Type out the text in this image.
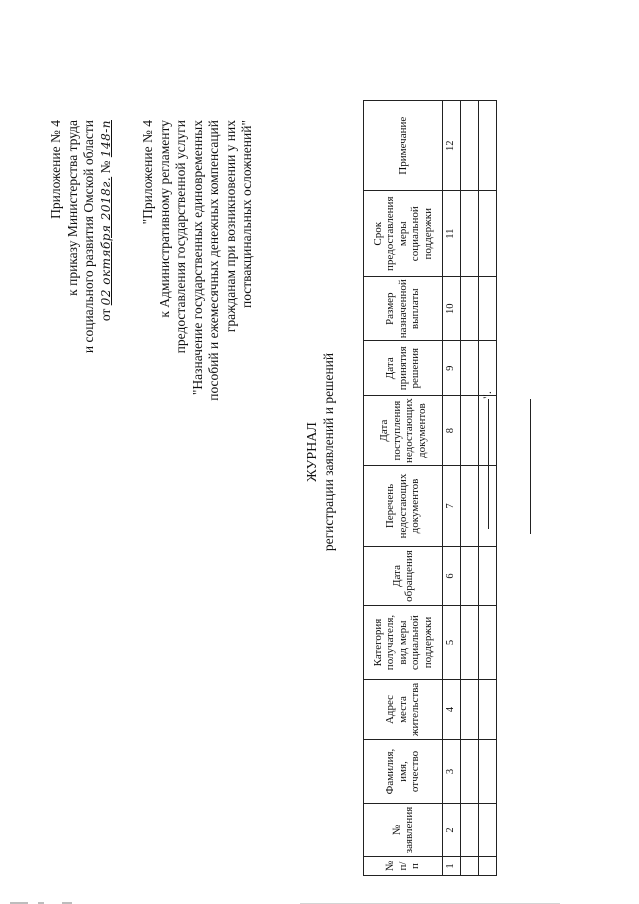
Приложение № 4 к приказу Министерства труда и социального развития Омской области от 02 октября 2018г. № 148-п "Приложение № 4 к Административному регламенту предоставления государственной услуги "Назначение государственных единовременных пособий и ежемесячных денежных компенсаций гражданам при возникновении у них поствакцинальных осложнений"
ЖУРНАЛ регистрации заявлений и решений
№ п/п	№ заявления	Фамилия, имя, отчество	Адрес места жительства	Категория получателя, вид меры социальной поддержки	Дата обращения	Перечень недостающих документов	Дата поступления недостающих документов	Дата принятия решения	Размер назначенной выплаты	Срок предоставления меры социальной поддержки	Примечание
1	2	3	4	5	6	7	8	9	10	11	12

".
